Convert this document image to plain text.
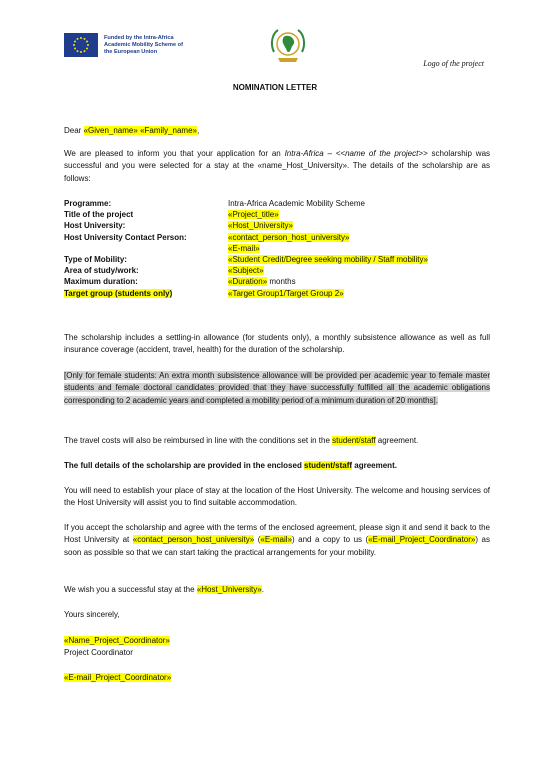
Funded by the Intra-Africa
Academic Mobility Scheme of
the European Union
Logo of the project
NOMINATION LETTER
Dear «Given_name» «Family_name»,
We are pleased to inform you that your application for an Intra-Africa – <<name of the project>> scholarship was successful and you were selected for a stay at the «name_Host_University». The details of the scholarship are as follows:
Programme:	Intra-Africa Academic Mobility Scheme
Title of the project	«Project_title»
Host University:	«Host_University»
Host University Contact Person:	«contact_person_host_university»
«E-mail»
Type of Mobility:	«Student Credit/Degree seeking mobility / Staff mobility»
Area of study/work:	«Subject»
Maximum duration:	«Duration» months
Target group (students only)	«Target Group1/Target Group 2»
The scholarship includes a settling-in allowance (for students only), a monthly subsistence allowance as well as full insurance coverage (accident, travel, health) for the duration of the scholarship.
[Only for female students: An extra month subsistence allowance will be provided per academic year to female master students and female doctoral candidates provided that they have successfully fulfilled all the academic obligations corresponding to 2 academic years and completed a mobility period of a minimum duration of 20 months].
The travel costs will also be reimbursed in line with the conditions set in the student/staff agreement.
The full details of the scholarship are provided in the enclosed student/staff agreement.
You will need to establish your place of stay at the location of the Host University. The welcome and housing services of the Host University will assist you to find suitable accommodation.
If you accept the scholarship and agree with the terms of the enclosed agreement, please sign it and send it back to the Host University at «contact_person_host_university» («E-mail») and a copy to us («E-mail_Project_Coordinator») as soon as possible so that we can start taking the practical arrangements for your mobility.
We wish you a successful stay at the «Host_University».
Yours sincerely,
«Name_Project_Coordinator»
Project Coordinator
«E-mail_Project_Coordinator»
